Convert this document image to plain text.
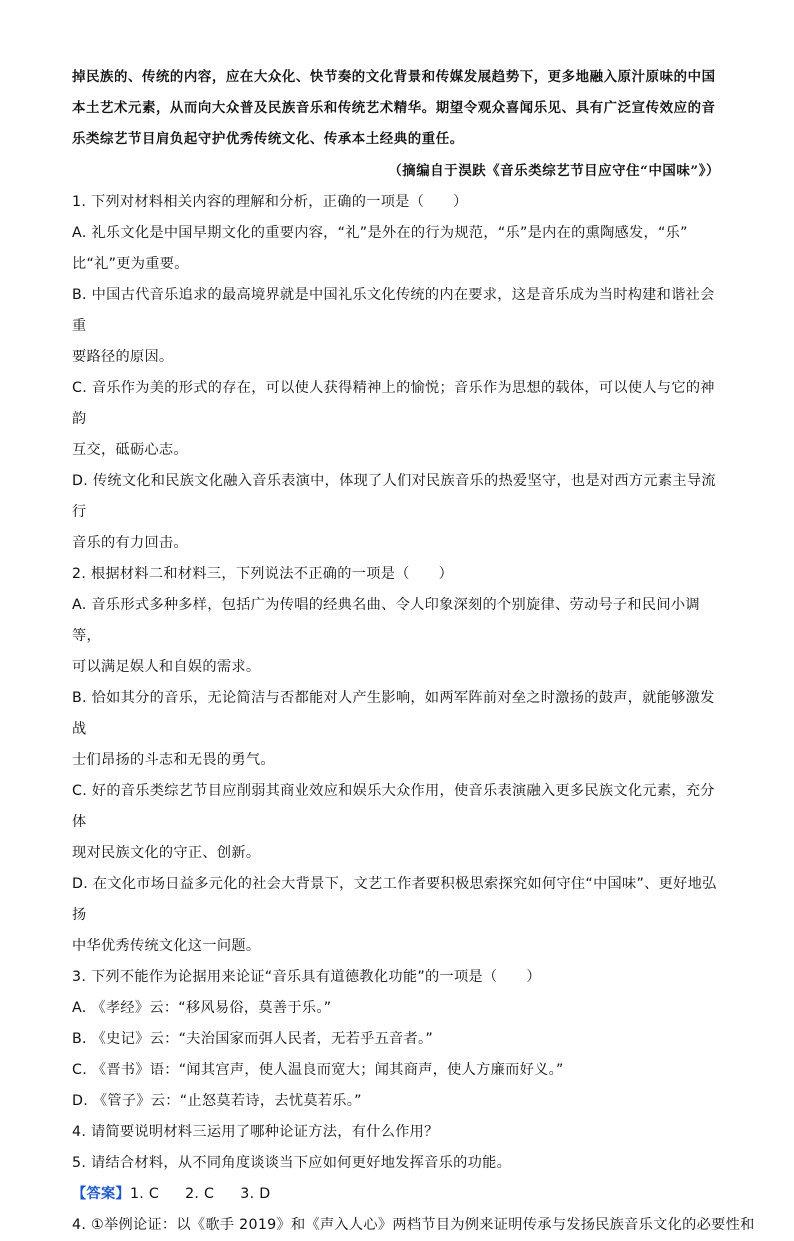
掉民族的、传统的内容，应在大众化、快节奏的文化背景和传媒发展趋势下，更多地融入原汁原味的中国

本土艺术元素，从而向大众普及民族音乐和传统艺术精华。期望令观众喜闻乐见、具有广泛宣传效应的音

乐类综艺节目肩负起守护优秀传统文化、传承本土经典的重任。

（摘编自于淏趺《音乐类综艺节目应守住“中国味”》）

1. 下列对材料相关内容的理解和分析，正确的一项是（　　）

A. 礼乐文化是中国早期文化的重要内容，“礼”是外在的行为规范，“乐”是内在的熏陶感发，“乐”

比“礼”更为重要。

B. 中国古代音乐追求的最高境界就是中国礼乐文化传统的内在要求，这是音乐成为当时构建和谐社会重

要路径的原因。

C. 音乐作为美的形式的存在，可以使人获得精神上的愉悦；音乐作为思想的载体，可以使人与它的神韵

互交，砥砺心志。

D. 传统文化和民族文化融入音乐表演中，体现了人们对民族音乐的热爱坚守，也是对西方元素主导流行

音乐的有力回击。

2. 根据材料二和材料三，下列说法不正确的一项是（　　）

A. 音乐形式多种多样，包括广为传唱的经典名曲、令人印象深刻的个别旋律、劳动号子和民间小调等，

可以满足娱人和自娱的需求。

B. 恰如其分的音乐，无论简洁与否都能对人产生影响，如两军阵前对垒之时激扬的鼓声，就能够激发战

士们昂扬的斗志和无畏的勇气。

C. 好的音乐类综艺节目应削弱其商业效应和娱乐大众作用，使音乐表演融入更多民族文化元素，充分体

现对民族文化的守正、创新。

D. 在文化市场日益多元化的社会大背景下，文艺工作者要积极思索探究如何守住“中国味”、更好地弘扬

中华优秀传统文化这一问题。

3. 下列不能作为论据用来论证“音乐具有道德教化功能”的一项是（　　）

A. 《孝经》云：“移风易俗，莫善于乐。”

B. 《史记》云：“夫治国家而弭人民者，无若乎五音者。”

C. 《晋书》语：“闻其宫声，使人温良而宽大；闻其商声，使人方廉而好义。”

D. 《管子》云：“止怒莫若诗，去忧莫若乐。”

4. 请简要说明材料三运用了哪种论证方法，有什么作用？

5. 请结合材料，从不同角度谈谈当下应如何更好地发挥音乐的功能。

【答案】1. C 2. C 3. D

4. ①举例论证：以《歌手 2019》和《声入人心》两档节目为例来证明传承与发扬民族音乐文化的必要性和
